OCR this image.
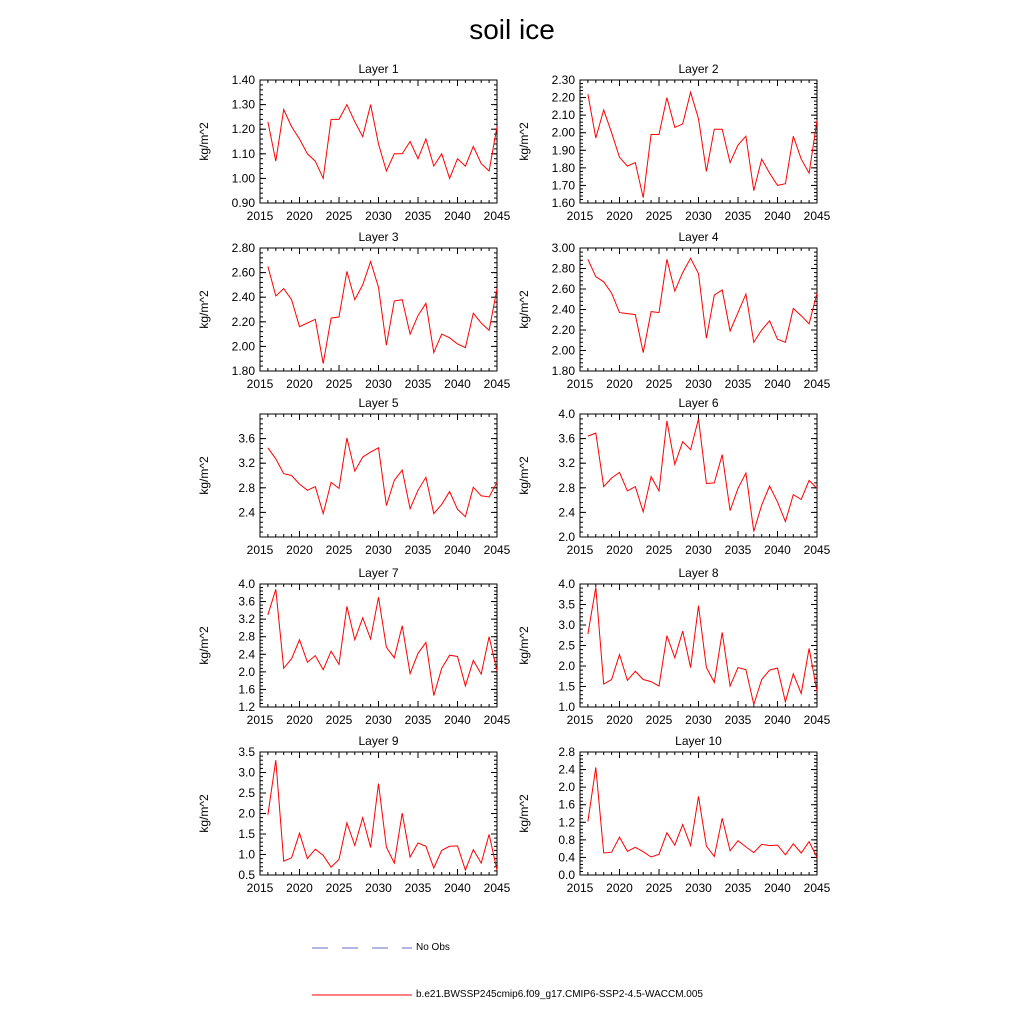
soil ice
Layer 1
kg/m^2
2015 2020 2025 2030 2035 2040 2045
0.90
1.00
1.10
1.20
1.30
1.40
Layer 2
kg/m^2
2015 2020 2025 2030 2035 2040 2045
1.60
1.70
1.80
1.90
2.00
2.10
2.20
2.30
Layer 3
kg/m^2
2015 2020 2025 2030 2035 2040 2045
1.80
2.00
2.20
2.40
2.60
2.80
Layer 4
kg/m^2
2015 2020 2025 2030 2035 2040 2045
1.80
2.00
2.20
2.40
2.60
2.80
3.00
Layer 5
kg/m^2
2015 2020 2025 2030 2035 2040 2045
2.4
2.8
3.2
3.6
Layer 6
kg/m^2
2015 2020 2025 2030 2035 2040 2045
2.0
2.4
2.8
3.2
3.6
4.0
Layer 7
kg/m^2
2015 2020 2025 2030 2035 2040 2045
1.2
1.6
2.0
2.4
2.8
3.2
3.6
4.0
Layer 8
kg/m^2
2015 2020 2025 2030 2035 2040 2045
1.0
1.5
2.0
2.5
3.0
3.5
4.0
Layer 9
kg/m^2
2015 2020 2025 2030 2035 2040 2045
0.5
1.0
1.5
2.0
2.5
3.0
3.5
Layer 10
kg/m^2
2015 2020 2025 2030 2035 2040 2045
0.0
0.4
0.8
1.2
1.6
2.0
2.4
2.8
No Obs
b.e21.BWSSP245cmip6.f09_g17.CMIP6-SSP2-4.5-WACCM.005
